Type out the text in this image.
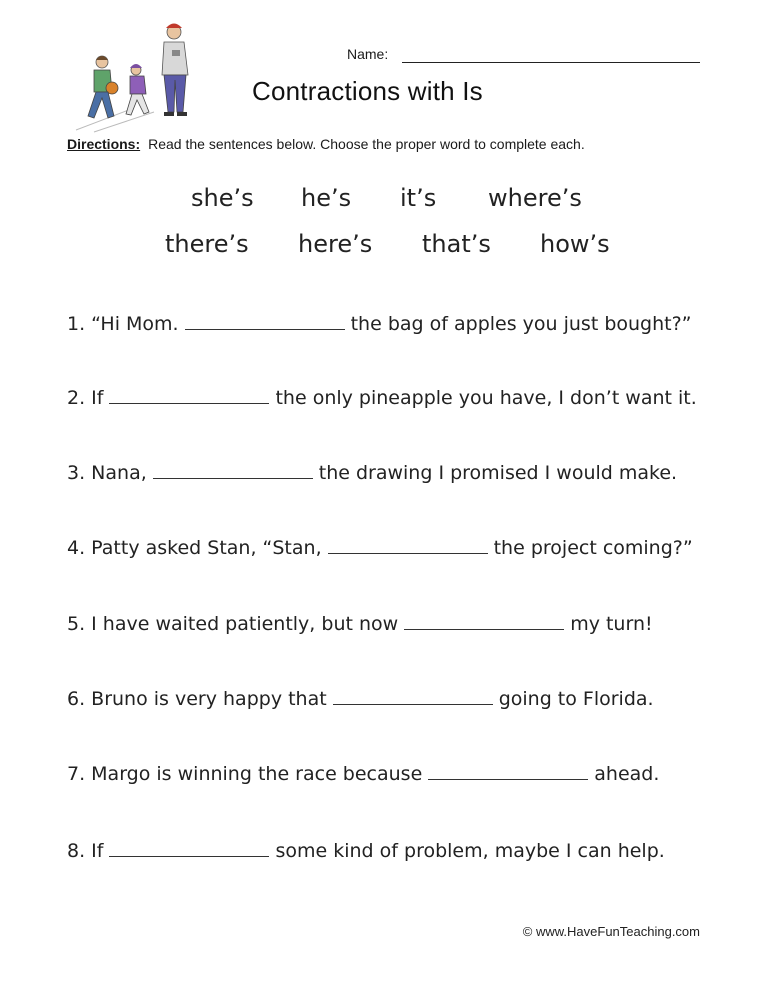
Name:
Contractions with Is
Directions: Read the sentences below. Choose the proper word to complete each.
she’s he’s it’s where’s
there’s here’s that’s how’s
1. “Hi Mom.	the bag of apples you just bought?”
2. If	the only pineapple you have, I don’t want it.
3. Nana,	the drawing I promised I would make.
4. Patty asked Stan, “Stan,	the project coming?”
5. I have waited patiently, but now	my turn!
6. Bruno is very happy that	going to Florida.
7. Margo is winning the race because	ahead.
8. If	some kind of problem, maybe I can help.
© www.HaveFunTeaching.com
